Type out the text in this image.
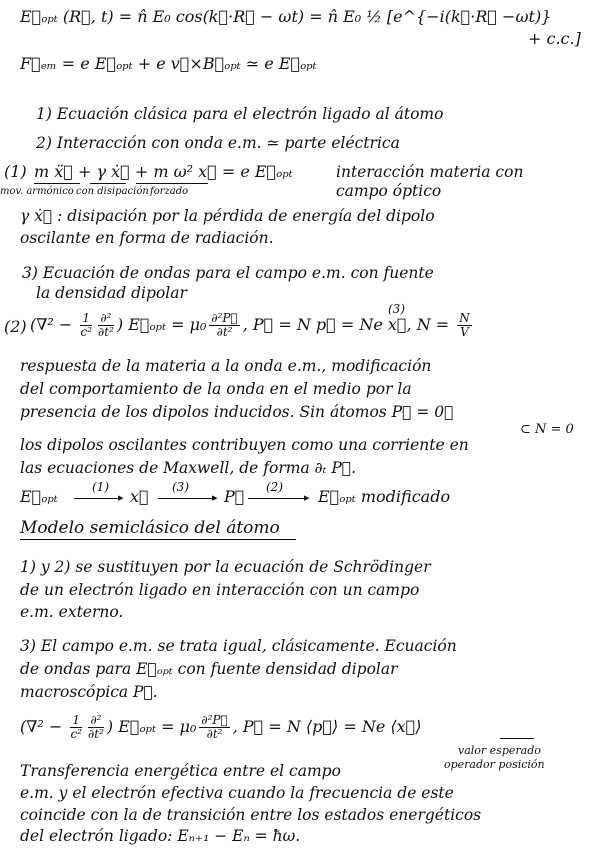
E⃗ₒₚₜ (R⃗, t) = n̂ E₀ cos(k⃗·R⃗ − ωt) = n̂ E₀ ½ [e^{−i(k⃗·R⃗ −ωt)}
+ c.c.]
F⃗ₑₘ = e E⃗ₒₚₜ + e v⃗×B⃗ₒₚₜ ≃ e E⃗ₒₚₜ
1) Ecuación clásica para el electrón ligado al átomo
2) Interacción con onda e.m. ≃ parte eléctrica
(1) m ẍ⃗ + γ ẋ⃗ + m ω² x⃗ = e E⃗ₒₚₜ
mov. armónico con disipación forzado
interacción materia con
campo óptico
γ ẋ⃗ : disipación por la pérdida de energía del dipolo
oscilante en forma de radiación.
3) Ecuación de ondas para el campo e.m. con fuente
la densidad dipolar
(2) ($\nabla^2 - \frac{1}{\text{c²}} \frac{\text{∂²}}{\text{∂t²}}$ ) E⃗ₒₚₜ = $\mu_0 \frac{\text{∂²P⃗}}{\text{∂t²}}$ , P⃗ = N p⃗ = Ne x⃗, $N = \frac{N}{V}$
(3)
respuesta de la materia a la onda e.m., modificación
del comportamiento de la onda en el medio por la
presencia de los dipolos inducidos. Sin átomos P⃗ = 0⃗
⊂ N = 0
los dipolos oscilantes contribuyen como una corriente en
las ecuaciones de Maxwell, de forma ∂ₜ P⃗.
E⃗ₒₚₜ	(1)
▸ x⃗ (3)
▸ P⃗ (2)
▸ E⃗ₒₚₜ modificado
Modelo semiclásico del átomo
1) y 2) se sustituyen por la ecuación de Schrödinger
de un electrón ligado en interacción con un campo
e.m. externo.
3) El campo e.m. se trata igual, clásicamente. Ecuación
de ondas para E⃗ₒₚₜ con fuente densidad dipolar
macroscópica P⃗.
($\nabla^2 - \frac{1}{\text{c²}} \frac{\text{∂²}}{\text{∂t²}}$ ) E⃗ₒₚₜ = $\mu_0 \frac{\text{∂²P⃗}}{\text{∂t²}}$ , P⃗ = N ⟨p⃗⟩ = Ne ⟨x⃗⟩
valor esperado
operador posición
Transferencia energética entre el campo
e.m. y el electrón efectiva cuando la frecuencia de este
coincide con la de transición entre los estados energéticos
del electrón ligado: Eₙ₊₁ − Eₙ = ħω.
